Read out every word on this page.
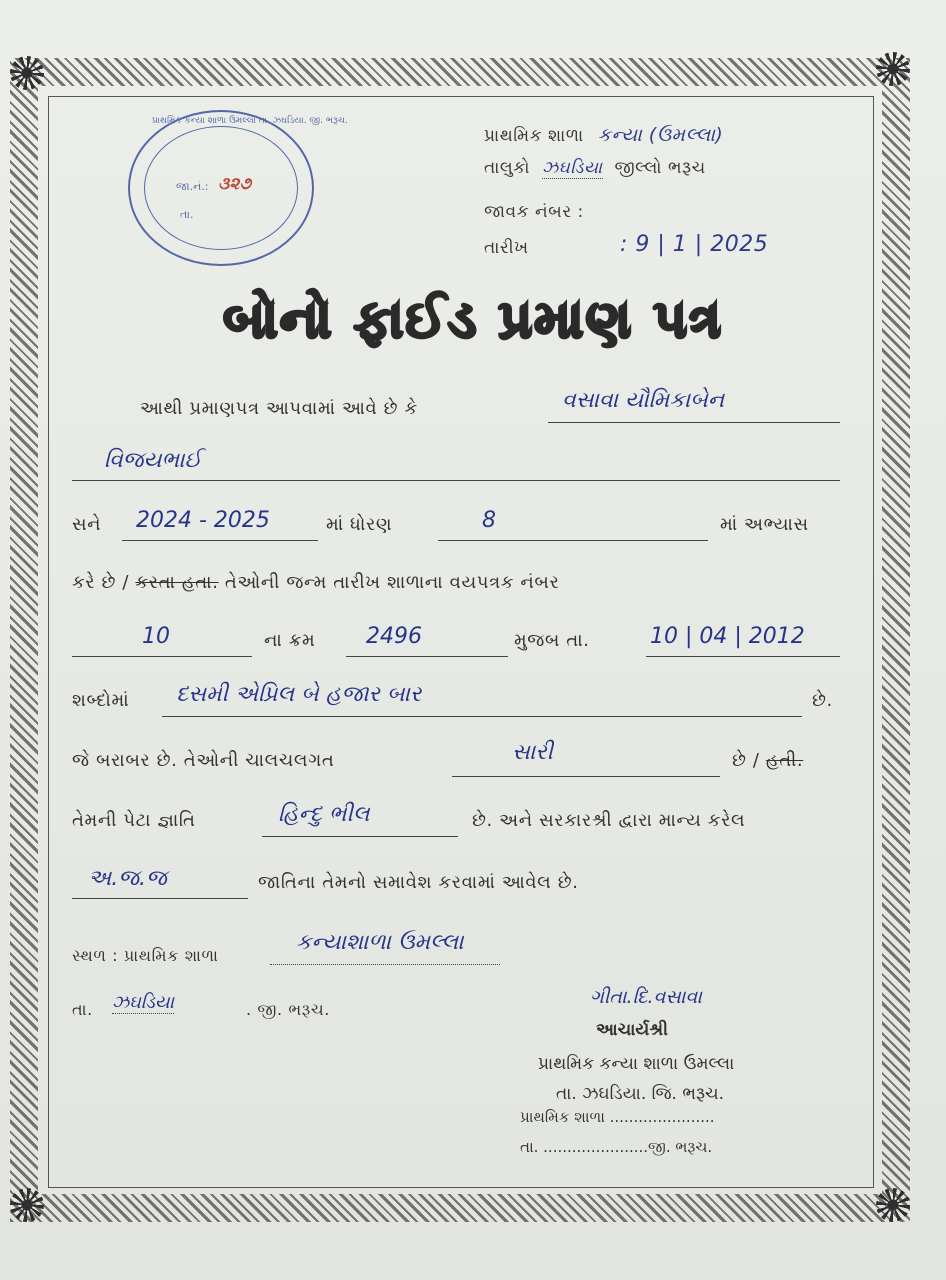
પ્રાથમિક કન્યા શાળા ઉમલ્લા તા. ઝઘડિયા. જી. ભરૂચ.
જા.નં.: ૩૨૭
તા.
પ્રાથમિક શાળા કન્યા (ઉમલ્લા)
તાલુકો ઝઘડિયા જીલ્લો ભરૂચ
જાવક નંબર :
તારીખ	: 9 | 1 | 2025
બોનો ફાઈડ પ્રમાણ પત્ર
આથી પ્રમાણપત્ર આપવામાં આવે છે કે	વસાવા યૌમિકાબેન
વિજયભાઈ
સને 2024 - 2025	માં ધોરણ	8	માં અભ્યાસ
કરે છે / કરતા હતા. તેઓની જન્મ તારીખ શાળાના વયપત્રક નંબર
10	ના ક્રમ 2496	મુજબ તા.	10 | 04 | 2012
શબ્દોમાં દસમી એપ્રિલ બે હજાર બાર	છે.
જે બરાબર છે. તેઓની ચાલચલગત	સારી	છે / હતી.
તેમની પેટા જ્ઞાતિ	હિન્દુ ભીલ	છે. અને સરકારશ્રી દ્વારા માન્ય કરેલ
અ.જ.જ	જાતિના તેમનો સમાવેશ કરવામાં આવેલ છે.
સ્થળ : પ્રાથમિક શાળા
કન્યાશાળા ઉમલ્લા
તા. ઝઘડિયા	. જી. ભરૂચ.
ગીતા.દિ.વસાવા
આચાર્યશ્રી
પ્રાથમિક કન્યા શાળા ઉમલ્લા
તા. ઝઘડિયા. જિ. ભરૂચ.
પ્રાથમિક શાળા ......................
તા. ......................જી. ભરૂચ.
